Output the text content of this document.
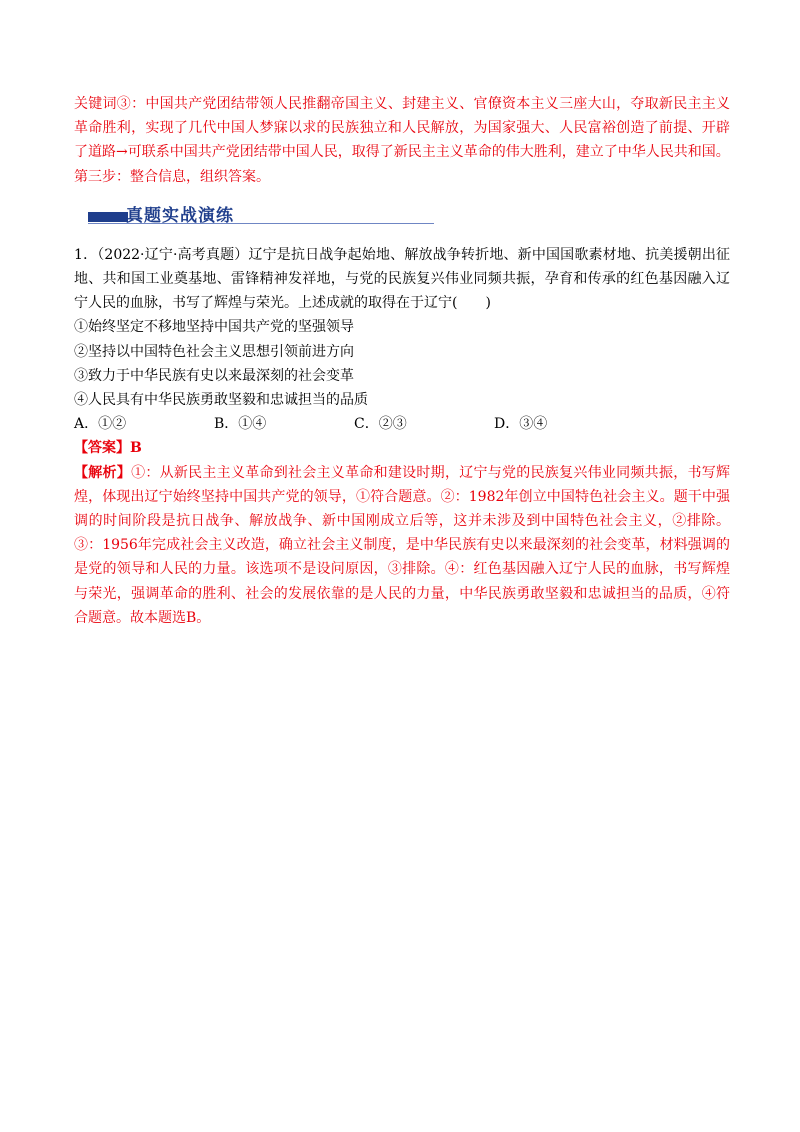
关键词③：中国共产党团结带领人民推翻帝国主义、封建主义、官僚资本主义三座大山，夺取新民主主义革命胜利，实现了几代中国人梦寐以求的民族独立和人民解放，为国家强大、人民富裕创造了前提、开辟了道路→可联系中国共产党团结带中国人民，取得了新民主主义革命的伟大胜利，建立了中华人民共和国。

第三步：整合信息，组织答案。

真题实战演练

1．（2022·辽宁·高考真题）辽宁是抗日战争起始地、解放战争转折地、新中国国歌素材地、抗美援朝出征地、共和国工业奠基地、雷锋精神发祥地，与党的民族复兴伟业同频共振，孕育和传承的红色基因融入辽宁人民的血脉，书写了辉煌与荣光。上述成就的取得在于辽宁(　　)

①始终坚定不移地坚持中国共产党的坚强领导

②坚持以中国特色社会主义思想引领前进方向

③致力于中华民族有史以来最深刻的社会变革

④人民具有中华民族勇敢坚毅和忠诚担当的品质

A．①②	B．①④	C．②③	D．③④

【答案】B

【解析】①：从新民主主义革命到社会主义革命和建设时期，辽宁与党的民族复兴伟业同频共振，书写辉煌，体现出辽宁始终坚持中国共产党的领导，①符合题意。②：1982年创立中国特色社会主义。题干中强调的时间阶段是抗日战争、解放战争、新中国刚成立后等，这并未涉及到中国特色社会主义，②排除。③：1956年完成社会主义改造，确立社会主义制度，是中华民族有史以来最深刻的社会变革，材料强调的是党的领导和人民的力量。该选项不是设问原因，③排除。④：红色基因融入辽宁人民的血脉，书写辉煌与荣光，强调革命的胜利、社会的发展依靠的是人民的力量，中华民族勇敢坚毅和忠诚担当的品质，④符合题意。故本题选B。
